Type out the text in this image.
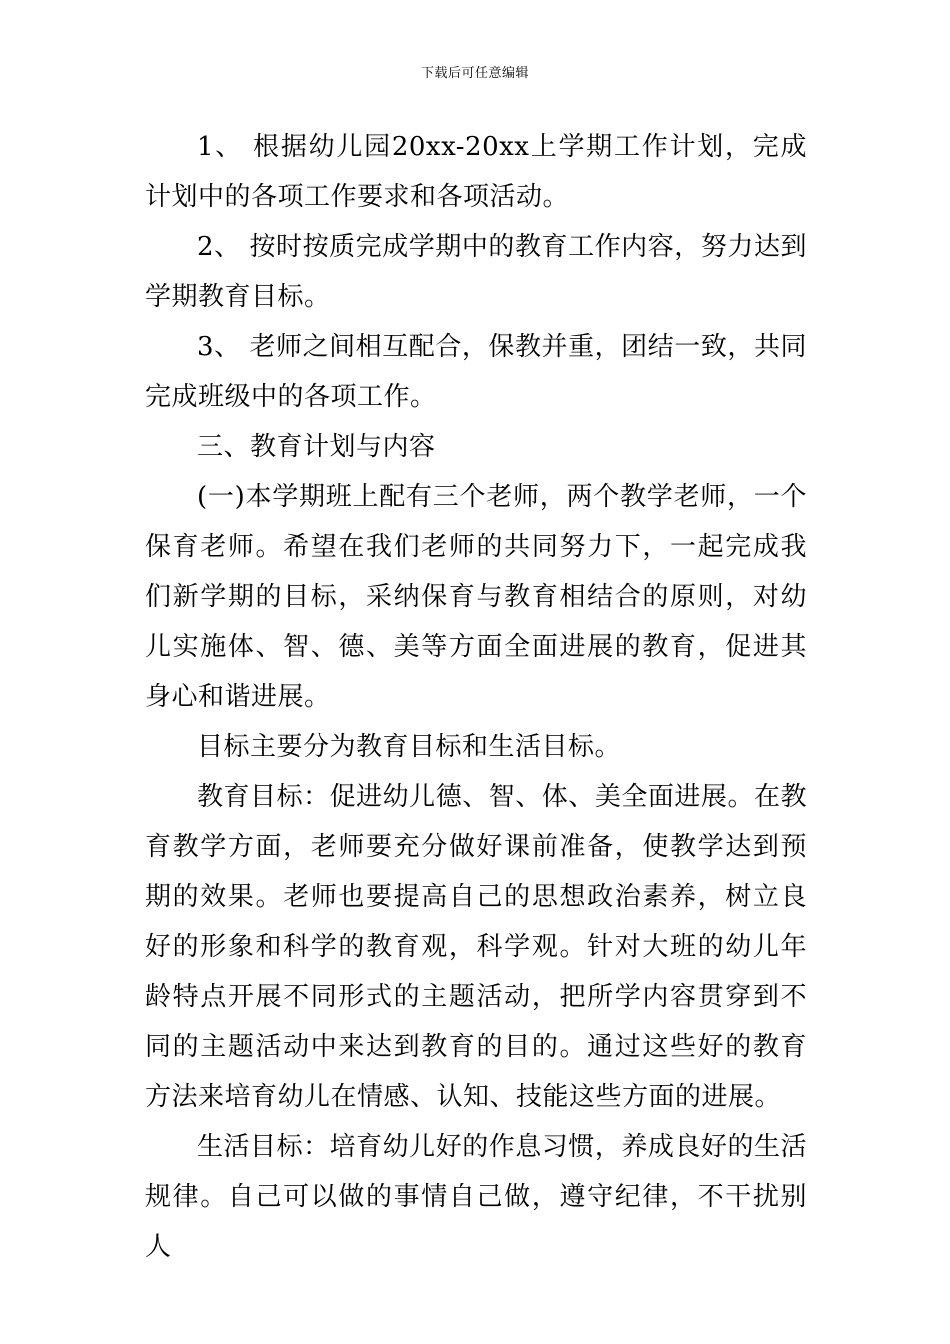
下载后可任意编辑

1、 根据幼儿园20xx-20xx上学期工作计划，完成计划中的各项工作要求和各项活动。

2、 按时按质完成学期中的教育工作内容，努力达到学期教育目标。

3、 老师之间相互配合，保教并重，团结一致，共同完成班级中的各项工作。

三、教育计划与内容

(一)本学期班上配有三个老师，两个教学老师，一个保育老师。希望在我们老师的共同努力下，一起完成我们新学期的目标，采纳保育与教育相结合的原则，对幼儿实施体、智、德、美等方面全面进展的教育，促进其身心和谐进展。

目标主要分为教育目标和生活目标。

教育目标：促进幼儿德、智、体、美全面进展。在教育教学方面，老师要充分做好课前准备，使教学达到预期的效果。老师也要提高自己的思想政治素养，树立良好的形象和科学的教育观，科学观。针对大班的幼儿年龄特点开展不同形式的主题活动，把所学内容贯穿到不同的主题活动中来达到教育的目的。通过这些好的教育方法来培育幼儿在情感、认知、技能这些方面的进展。

生活目标：培育幼儿好的作息习惯，养成良好的生活规律。自己可以做的事情自己做，遵守纪律，不干扰别人
